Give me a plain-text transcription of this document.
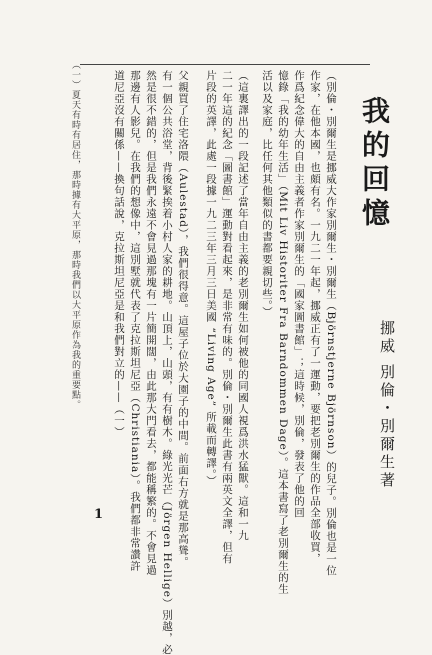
我的回憶
挪威 別倫・別爾生著
（別倫・別爾生是挪威大作家別爾生・別爾生（Björnstjerne Björnson）的兒子。別倫也是一位
作家，在他本國，也頗有名。一九二一年起，挪威正有了一運動，要把老別爾生的作品全部收買，
作爲紀念偉大的自由主義者作家別爾生的「國家圖書館」；這時候，別倫，發表了他的回
憶錄「我的幼年生活」（Mit Liv Historiter Fra Barndommen Dage）。這本書寫了老別爾生的生
活以及家庭，比任何其他類似的書都要親切些。）
（這裏譯出的一段記述了當年自由主義的老別爾生如何被他的同國人視爲洪水猛獸。這和一九
二一年這的紀念「圖書館」運動對看起來，是非常有味的。別倫・別爾生此書有兩英文全譯，但有
片段的英譯，此處一段據一九二三年三月三日美國 “Living Age” 所載而轉譯。）
父親買了住宅洛隈（Aulestad），我們很得意。這屋子位於大園子的中間。前面右方就是那高聳。
有一個公共浴堂，背後緊挨着小村人家的耕地。山頂上，山頭，有有樹木。綠光光芒（Jörgen Hellige）別越，必
然是很不錯的，但是我們永遠不會見過那塊有一片簡開闊，由此那大門看去，都能稱繁的。不會見過
那邊有人影兒。在我們的想像中，這別墅就代表了克拉斯坦尼亞（Christiania）。我們都非常讚許
道尼亞沒有關係——換句話說，克拉斯坦尼亞是和我們對立的——（一）
（一）夏天有時有居住，那時據有大平原，那時我們以大平原作為我的重要點。
1
